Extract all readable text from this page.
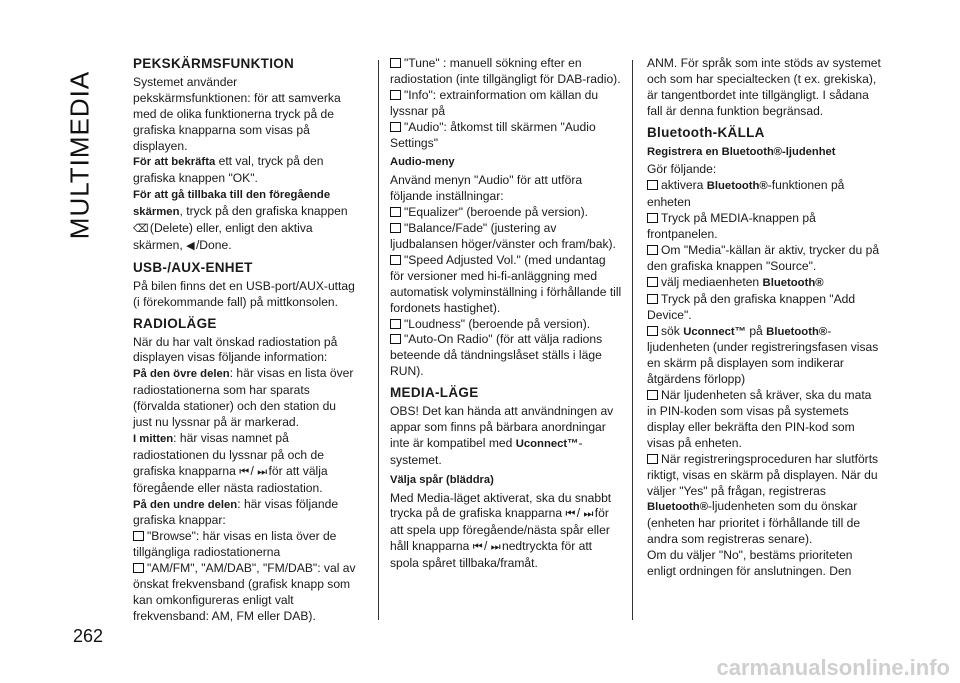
MULTIMEDIA
PEKSKÄRMSFUNKTION

Systemet använder pekskärmsfunktionen: för att samverka med de olika funktionerna tryck på de grafiska knapparna som visas på displayen.

För att bekräfta ett val, tryck på den grafiska knappen "OK".

För att gå tillbaka till den föregående skärmen, tryck på den grafiska knappen
⌫ (Delete) eller, enligt den aktiva skärmen, ◀ /Done.

USB-/AUX-ENHET

På bilen finns det en USB-port/AUX-uttag (i förekommande fall) på mittkonsolen.

RADIOLÄGE

När du har valt önskad radiostation på displayen visas följande information:

På den övre delen: här visas en lista över radiostationerna som har sparats (förvalda stationer) och den station du just nu lyssnar på är markerad.

I mitten: här visas namnet på radiostationen du lyssnar på och de grafiska knapparna ⏮ / ⏭ för att välja föregående eller nästa radiostation.

På den undre delen: här visas följande grafiska knappar:

"Browse": här visas en lista över de tillgängliga radiostationerna

"AM/FM", "AM/DAB", "FM/DAB": val av önskat frekvensband (grafisk knapp som kan omkonfigureras enligt valt frekvensband: AM, FM eller DAB).

"Tune" : manuell sökning efter en radiostation (inte tillgängligt för DAB-radio).

"Info": extrainformation om källan du lyssnar på

"Audio": åtkomst till skärmen "Audio Settings"

Audio-meny

Använd menyn "Audio" för att utföra följande inställningar:

"Equalizer" (beroende på version).

"Balance/Fade" (justering av ljudbalansen höger/vänster och fram/bak).

"Speed Adjusted Vol." (med undantag för versioner med hi-fi-anläggning med automatisk volyminställning i förhållande till fordonets hastighet).

"Loudness" (beroende på version).

"Auto-On Radio" (för att välja radions beteende då tändningslåset ställs i läge RUN).

MEDIA-LÄGE

OBS! Det kan hända att användningen av appar som finns på bärbara anordningar inte är kompatibel med Uconnect™-systemet.

Välja spår (bläddra)

Med Media-läget aktiverat, ska du snabbt trycka på de grafiska knapparna ⏮ / ⏭ för att spela upp föregående/nästa spår eller håll knapparna ⏮ / ⏭ nedtryckta för att spola spåret tillbaka/framåt.

ANM. För språk som inte stöds av systemet och som har specialtecken (t ex. grekiska), är tangentbordet inte tillgängligt. I sådana fall är denna funktion begränsad.

Bluetooth-KÄLLA
Registrera en Bluetooth®-ljudenhet

Gör följande:

aktivera Bluetooth®-funktionen på enheten

Tryck på MEDIA-knappen på frontpanelen.

Om "Media"-källan är aktiv, trycker du på den grafiska knappen "Source".

välj mediaenheten Bluetooth®

Tryck på den grafiska knappen "Add Device".

sök Uconnect™ på Bluetooth®-ljudenheten (under registreringsfasen visas en skärm på displayen som indikerar åtgärdens förlopp)

När ljudenheten så kräver, ska du mata in PIN-koden som visas på systemets display eller bekräfta den PIN-kod som visas på enheten.

När registreringsproceduren har slutförts riktigt, visas en skärm på displayen. När du väljer "Yes" på frågan, registreras Bluetooth®-ljudenheten som du önskar (enheten har prioritet i förhållande till de andra som registreras senare).

Om du väljer "No", bestäms prioriteten enligt ordningen för anslutningen. Den

262
carmanualsonline.info
